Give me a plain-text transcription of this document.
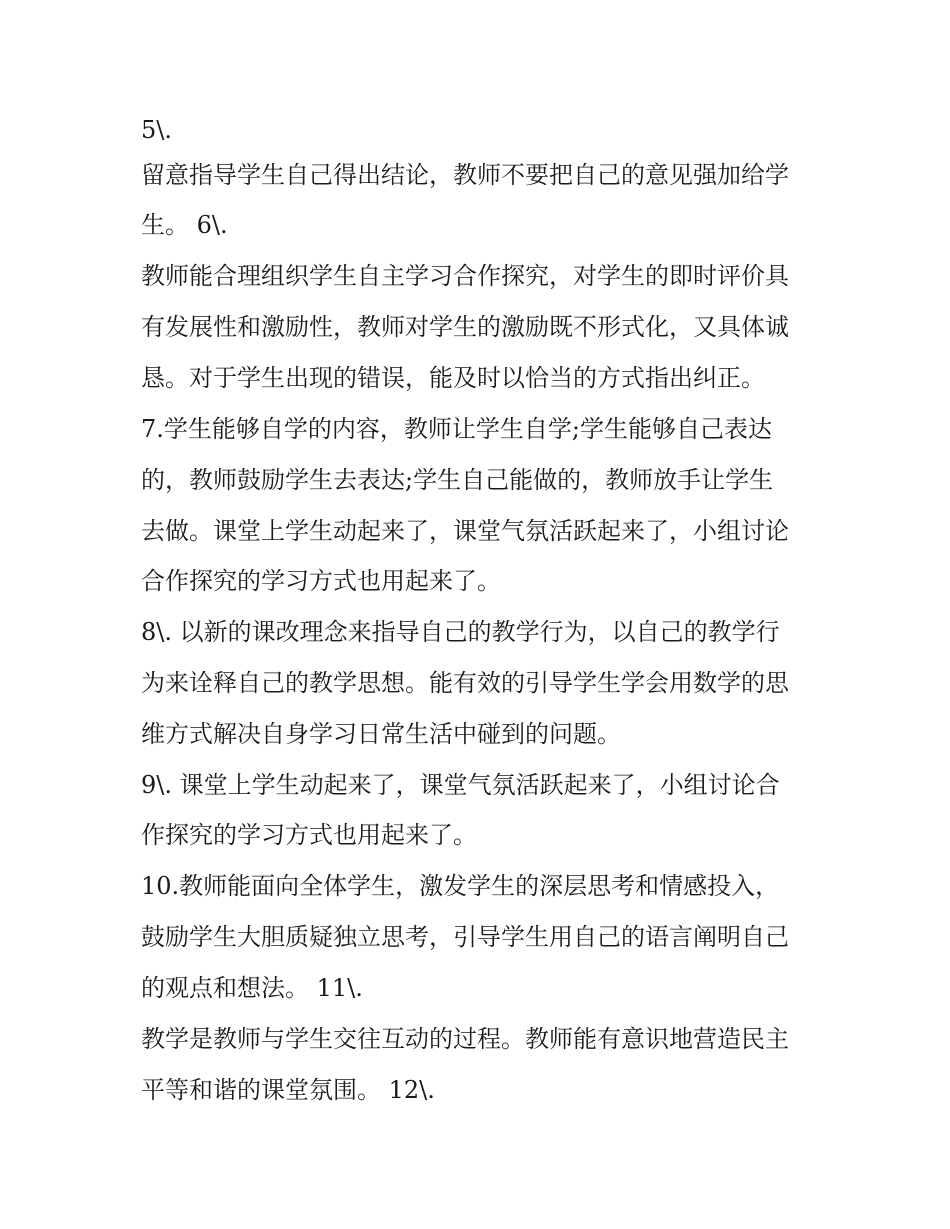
5\.
留意指导学生自己得出结论，教师不要把自己的意见强加给学
生。 6\.
教师能合理组织学生自主学习合作探究，对学生的即时评价具
有发展性和激励性，教师对学生的激励既不形式化，又具体诚
恳。对于学生出现的错误，能及时以恰当的方式指出纠正。
7.学生能够自学的内容，教师让学生自学;学生能够自己表达
的，教师鼓励学生去表达;学生自己能做的，教师放手让学生
去做。课堂上学生动起来了，课堂气氛活跃起来了，小组讨论
合作探究的学习方式也用起来了。
8\. 以新的课改理念来指导自己的教学行为，以自己的教学行
为来诠释自己的教学思想。能有效的引导学生学会用数学的思
维方式解决自身学习日常生活中碰到的问题。
9\. 课堂上学生动起来了，课堂气氛活跃起来了，小组讨论合
作探究的学习方式也用起来了。
10.教师能面向全体学生，激发学生的深层思考和情感投入，
鼓励学生大胆质疑独立思考，引导学生用自己的语言阐明自己
的观点和想法。 11\.
教学是教师与学生交往互动的过程。教师能有意识地营造民主
平等和谐的课堂氛围。 12\.
